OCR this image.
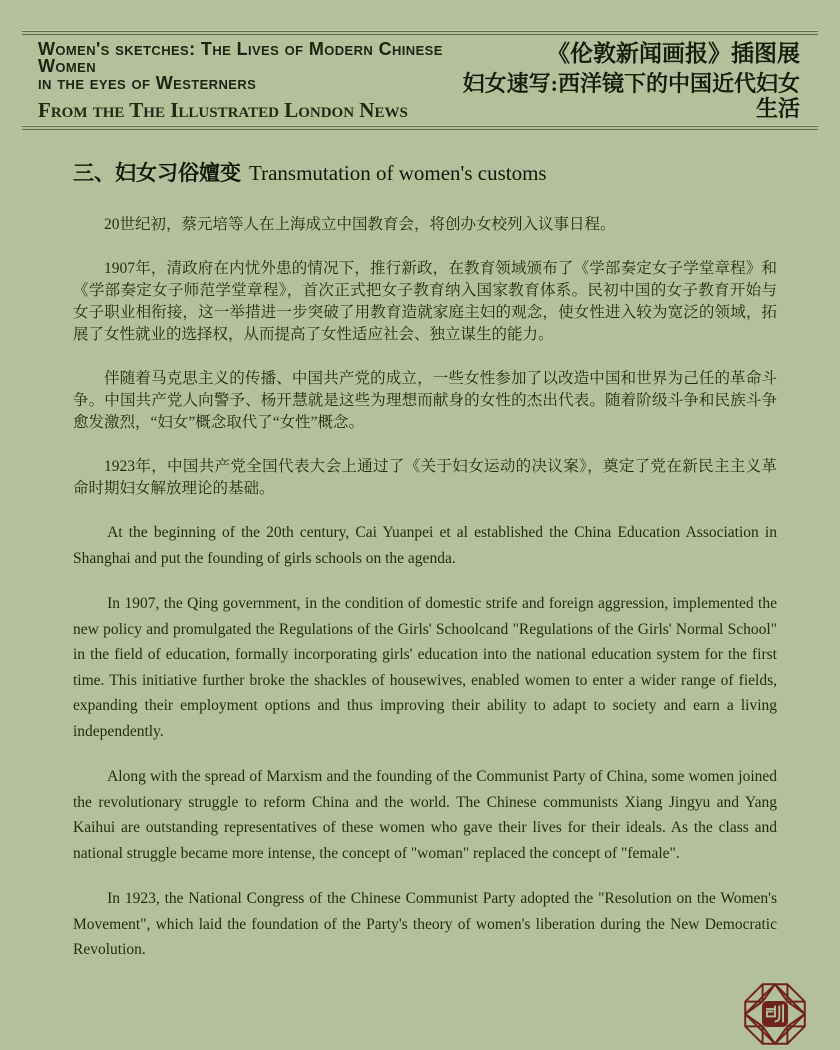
Women's sketches: The Lives of Modern Chinese Women
in the eyes of Westerners
From the The Illustrated London News
《伦敦新闻画报》插图展
妇女速写:西洋镜下的中国近代妇女生活
三、妇女习俗嬗变 Transmutation of women's customs

20世纪初，蔡元培等人在上海成立中国教育会，将创办女校列入议事日程。

1907年，清政府在内忧外患的情况下，推行新政，在教育领域颁布了《学部奏定女子学堂章程》和《学部奏定女子师范学堂章程》，首次正式把女子教育纳入国家教育体系。民初中国的女子教育开始与女子职业相衔接，这一举措进一步突破了用教育造就家庭主妇的观念，使女性进入较为宽泛的领域，拓展了女性就业的选择权，从而提高了女性适应社会、独立谋生的能力。

伴随着马克思主义的传播、中国共产党的成立，一些女性参加了以改造中国和世界为己任的革命斗争。中国共产党人向警予、杨开慧就是这些为理想而献身的女性的杰出代表。随着阶级斗争和民族斗争愈发激烈，“妇女”概念取代了“女性”概念。

1923年，中国共产党全国代表大会上通过了《关于妇女运动的决议案》，奠定了党在新民主主义革命时期妇女解放理论的基础。

At the beginning of the 20th century, Cai Yuanpei et al established the China Education Association in Shanghai and put the founding of girls schools on the agenda.

In 1907, the Qing government, in the condition of domestic strife and foreign aggression, implemented the new policy and promulgated the Regulations of the Girls' Schoolcand "Regulations of the Girls' Normal School" in the field of education, formally incorporating girls' education into the national education system for the first time. This initiative further broke the shackles of housewives, enabled women to enter a wider range of fields, expanding their employment options and thus improving their ability to adapt to society and earn a living independently.

Along with the spread of Marxism and the founding of the Communist Party of China, some women joined the revolutionary struggle to reform China and the world. The Chinese communists Xiang Jingyu and Yang Kaihui are outstanding representatives of these women who gave their lives for their ideals. As the class and national struggle became more intense, the concept of "woman" replaced the concept of "female".

In 1923, the National Congress of the Chinese Communist Party adopted the "Resolution on the Women's Movement", which laid the foundation of the Party's theory of women's liberation during the New Democratic Revolution.
